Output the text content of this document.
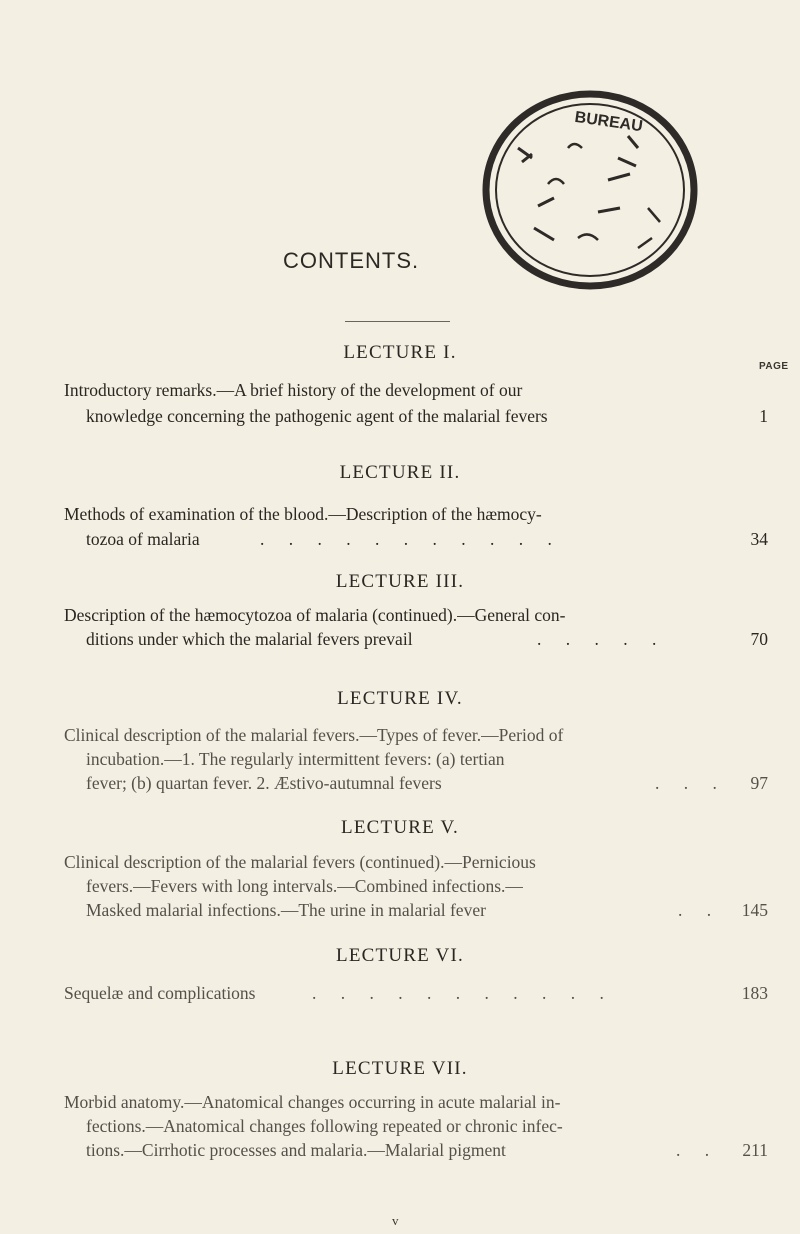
BUREAU
CONTENTS.
PAGE
LECTURE I.
Introductory remarks.—A brief history of the development of our
knowledge concerning the pathogenic agent of the malarial fevers	1
LECTURE II.
Methods of examination of the blood.—Description of the hæmocy-
tozoa of malaria	. . . . . . . . . . .	34
LECTURE III.
Description of the hæmocytozoa of malaria (continued).—General con-
ditions under which the malarial fevers prevail	. . . . .	70
LECTURE IV.
Clinical description of the malarial fevers.—Types of fever.—Period of
incubation.—1. The regularly intermittent fevers: (a) tertian
fever; (b) quartan fever. 2. Æstivo-autumnal fevers	. . . 97
LECTURE V.
Clinical description of the malarial fevers (continued).—Pernicious
fevers.—Fevers with long intervals.—Combined infections.—
Masked malarial infections.—The urine in malarial fever	. . 145
LECTURE VI.
Sequelæ and complications	. . . . . . . . . . .	183
LECTURE VII.
Morbid anatomy.—Anatomical changes occurring in acute malarial in-
fections.—Anatomical changes following repeated or chronic infec-
tions.—Cirrhotic processes and malaria.—Malarial pigment	. . 211
v
